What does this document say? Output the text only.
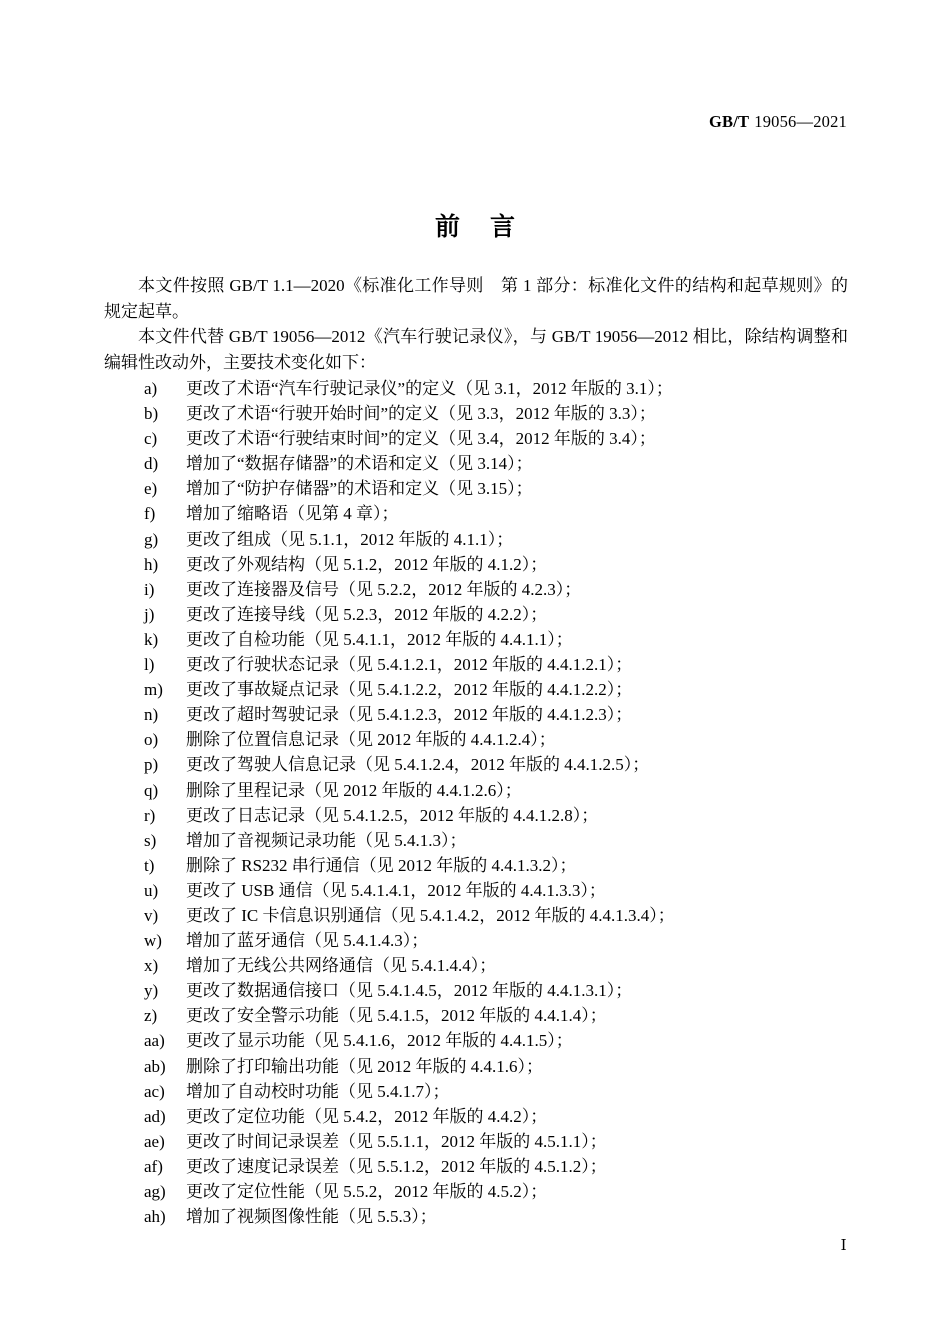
GB/T 19056—2021
前 言

本文件按照 GB/T 1.1—2020《标准化工作导则　第 1 部分：标准化文件的结构和起草规则》的规定起草。

本文件代替 GB/T 19056—2012《汽车行驶记录仪》，与 GB/T 19056—2012 相比，除结构调整和编辑性改动外，主要技术变化如下：

a)	更改了术语“汽车行驶记录仪”的定义（见 3.1，2012 年版的 3.1）；
b)	更改了术语“行驶开始时间”的定义（见 3.3，2012 年版的 3.3）；
c)	更改了术语“行驶结束时间”的定义（见 3.4，2012 年版的 3.4）；
d)	增加了“数据存储器”的术语和定义（见 3.14）；
e)	增加了“防护存储器”的术语和定义（见 3.15）；
f)	增加了缩略语（见第 4 章）；
g)	更改了组成（见 5.1.1，2012 年版的 4.1.1）；
h)	更改了外观结构（见 5.1.2，2012 年版的 4.1.2）；
i)	更改了连接器及信号（见 5.2.2，2012 年版的 4.2.3）；
j)	更改了连接导线（见 5.2.3，2012 年版的 4.2.2）；
k)	更改了自检功能（见 5.4.1.1，2012 年版的 4.4.1.1）；
l)	更改了行驶状态记录（见 5.4.1.2.1，2012 年版的 4.4.1.2.1）；
m)	更改了事故疑点记录（见 5.4.1.2.2，2012 年版的 4.4.1.2.2）；
n)	更改了超时驾驶记录（见 5.4.1.2.3，2012 年版的 4.4.1.2.3）；
o)	删除了位置信息记录（见 2012 年版的 4.4.1.2.4）；
p)	更改了驾驶人信息记录（见 5.4.1.2.4，2012 年版的 4.4.1.2.5）；
q)	删除了里程记录（见 2012 年版的 4.4.1.2.6）；
r)	更改了日志记录（见 5.4.1.2.5，2012 年版的 4.4.1.2.8）；
s)	增加了音视频记录功能（见 5.4.1.3）；
t)	删除了 RS232 串行通信（见 2012 年版的 4.4.1.3.2）；
u)	更改了 USB 通信（见 5.4.1.4.1，2012 年版的 4.4.1.3.3）；
v)	更改了 IC 卡信息识别通信（见 5.4.1.4.2，2012 年版的 4.4.1.3.4）；
w)	增加了蓝牙通信（见 5.4.1.4.3）；
x)	增加了无线公共网络通信（见 5.4.1.4.4）；
y)	更改了数据通信接口（见 5.4.1.4.5，2012 年版的 4.4.1.3.1）；
z)	更改了安全警示功能（见 5.4.1.5，2012 年版的 4.4.1.4）；
aa)	更改了显示功能（见 5.4.1.6，2012 年版的 4.4.1.5）；
ab)	删除了打印输出功能（见 2012 年版的 4.4.1.6）；
ac)	增加了自动校时功能（见 5.4.1.7）；
ad)	更改了定位功能（见 5.4.2，2012 年版的 4.4.2）；
ae)	更改了时间记录误差（见 5.5.1.1，2012 年版的 4.5.1.1）；
af)	更改了速度记录误差（见 5.5.1.2，2012 年版的 4.5.1.2）；
ag)	更改了定位性能（见 5.5.2，2012 年版的 4.5.2）；
ah)	增加了视频图像性能（见 5.5.3）；
Ⅰ
